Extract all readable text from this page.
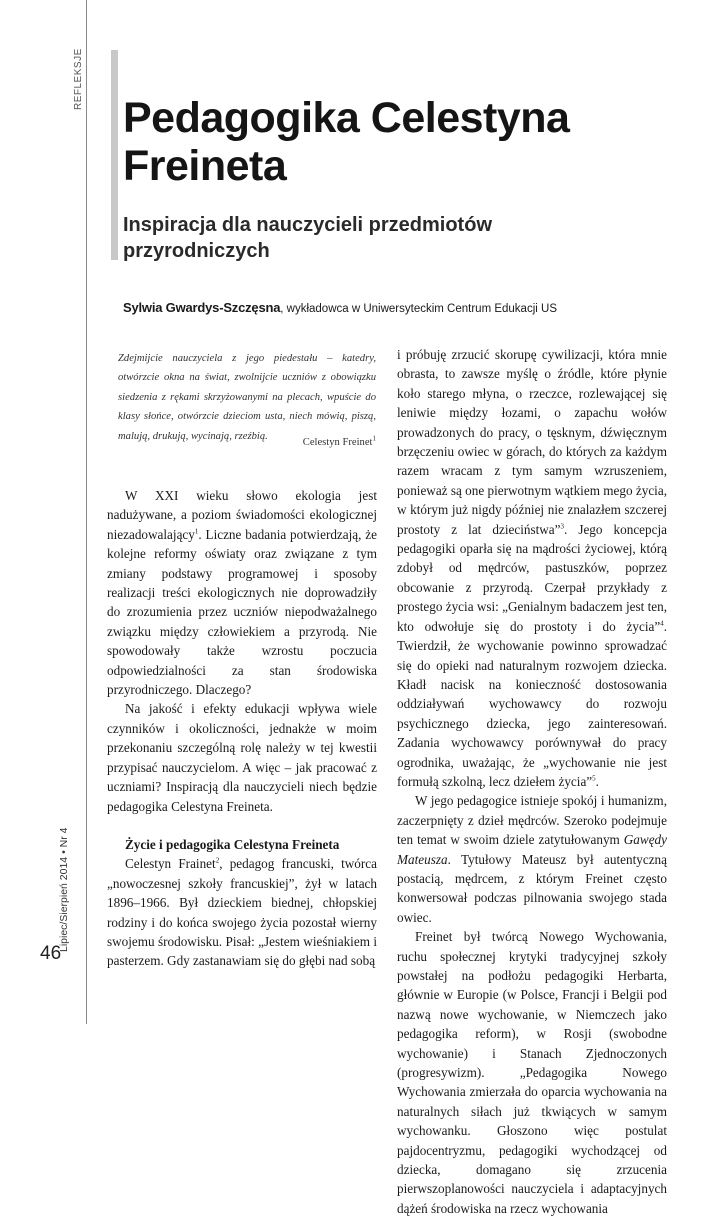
REFLEKSJE
Lipiec/Sierpień 2014 • Nr 4
46
Pedagogika Celestyna
Freineta
Inspiracja dla nauczycieli przedmiotów
przyrodniczych

Sylwia Gwardys-Szczęsna, wykładowca w Uniwersyteckim Centrum Edukacji US

Zdejmijcie nauczyciela z jego piedestału – katedry, otwórzcie okna na świat, zwolnijcie uczniów z obowiązku siedzenia z rękami skrzyżowanymi na plecach, wpuście do klasy słońce, otwórzcie dzieciom usta, niech mówią, piszą, malują, drukują, wycinają, rzeźbią.

Celestyn Freinet$^1$

W XXI wieku słowo ekologia jest nadużywane, a poziom świadomości ekologicznej niezadowalający$^1$. Liczne badania potwierdzają, że kolejne reformy oświaty oraz związane z tym zmiany podstawy programowej i sposoby realizacji treści ekologicznych nie doprowadziły do zrozumienia przez uczniów niepodważalnego związku między człowiekiem a przyrodą. Nie spowodowały także wzrostu poczucia odpowiedzialności za stan środowiska przyrodniczego. Dlaczego?

Na jakość i efekty edukacji wpływa wiele czynników i okoliczności, jednakże w moim przekonaniu szczególną rolę należy w tej kwestii przypisać nauczycielom. A więc – jak pracować z uczniami? Inspiracją dla nauczycieli niech będzie pedagogika Celestyna Freineta.

Życie i pedagogika Celestyna Freineta

Celestyn Frainet$^2$, pedagog francuski, twórca „nowoczesnej szkoły francuskiej”, żył w latach 1896–1966. Był dzieckiem biednej, chłopskiej rodziny i do końca swojego życia pozostał wierny swojemu środowisku. Pisał: „Jestem wieśniakiem i pasterzem. Gdy zastanawiam się do głębi nad sobą

i próbuję zrzucić skorupę cywilizacji, która mnie obrasta, to zawsze myślę o źródle, które płynie koło starego młyna, o rzeczce, rozlewającej się leniwie między łozami, o zapachu wołów prowadzonych do pracy, o tęsknym, dźwięcznym brzęczeniu owiec w górach, do których za każdym razem wracam z tym samym wzruszeniem, ponieważ są one pierwotnym wątkiem mego życia, w którym już nigdy później nie znalazłem szczerej prostoty z lat dzieciństwa”$^3$. Jego koncepcja pedagogiki oparła się na mądrości życiowej, którą zdobył od mędrców, pastuszków, poprzez obcowanie z przyrodą. Czerpał przykłady z prostego życia wsi: „Genialnym badaczem jest ten, kto odwołuje się do prostoty i do życia”$^4$. Twierdził, że wychowanie powinno sprowadzać się do opieki nad naturalnym rozwojem dziecka. Kładł nacisk na konieczność dostosowania oddziaływań wychowawcy do rozwoju psychicznego dziecka, jego zainteresowań. Zadania wychowawcy porównywał do pracy ogrodnika, uważając, że „wychowanie nie jest formułą szkolną, lecz dziełem życia”$^5$.

W jego pedagogice istnieje spokój i humanizm, zaczerpnięty z dzieł mędrców. Szeroko podejmuje ten temat w swoim dziele zatytułowanym Gawędy Mateusza. Tytułowy Mateusz był autentyczną postacią, mędrcem, z którym Freinet często konwersował podczas pilnowania swojego stada owiec.

Freinet był twórcą Nowego Wychowania, ruchu społecznej krytyki tradycyjnej szkoły powstałej na podłożu pedagogiki Herbarta, głównie w Europie (w Polsce, Francji i Belgii pod nazwą nowe wychowanie, w Niemczech jako pedagogika reform), w Rosji (swobodne wychowanie) i Stanach Zjednoczonych (progresywizm). „Pedagogika Nowego Wychowania zmierzała do oparcia wychowania na naturalnych siłach już tkwiących w samym wychowanku. Głoszono więc postulat pajdocentryzmu, pedagogiki wychodzącej od dziecka, domagano się zrzucenia pierwszoplanowości nauczyciela i adaptacyjnych dążeń środowiska na rzecz wychowania
